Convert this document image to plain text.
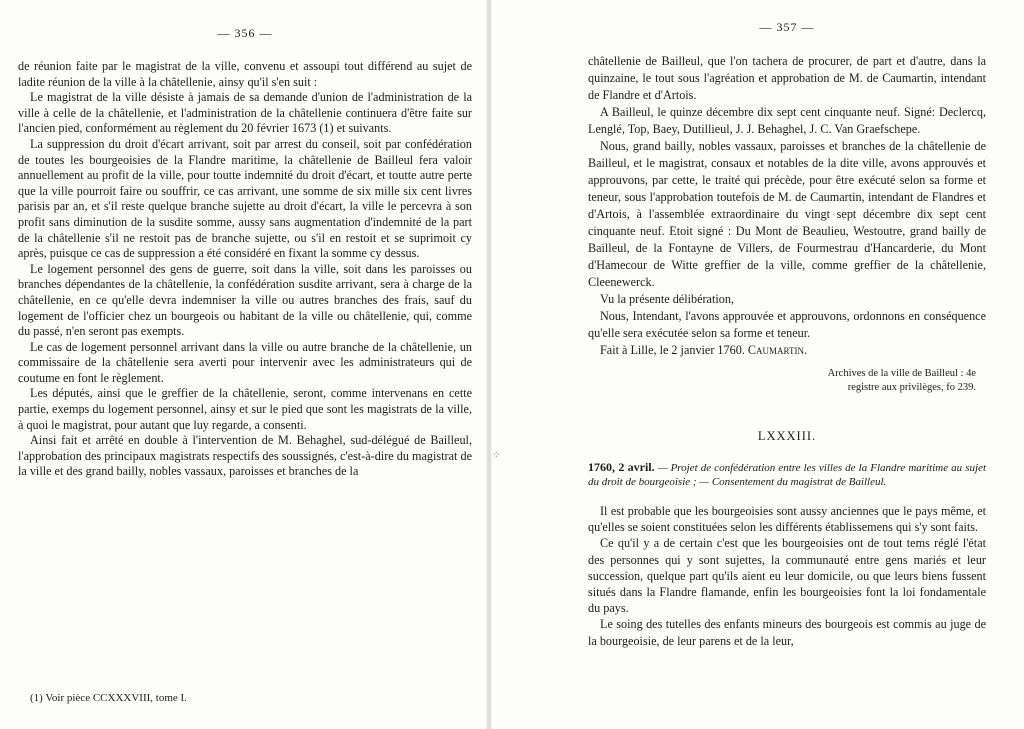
— 356 —

de réunion faite par le magistrat de la ville, convenu et assoupi tout différend au sujet de ladite réunion de la ville à la châtellenie, ainsy qu'il s'en suit :

Le magistrat de la ville désiste à jamais de sa demande d'union de l'administration de la ville à celle de la châtellenie, et l'administration de la châtellenie continuera d'être faite sur l'ancien pied, conformément au règlement du 20 février 1673 (1) et suivants.

La suppression du droit d'écart arrivant, soit par arrest du conseil, soit par confédération de toutes les bourgeoisies de la Flandre maritime, la châtellenie de Bailleul fera valoir annuellement au profit de la ville, pour toutte indemnité du droit d'écart, et toutte autre perte que la ville pourroit faire ou souffrir, ce cas arrivant, une somme de six mille six cent livres parisis par an, et s'il reste quelque branche sujette au droit d'écart, la ville le percevra à son profit sans diminution de la susdite somme, aussy sans augmentation d'indemnité de la part de la châtellenie s'il ne restoit pas de branche sujette, ou s'il en restoit et se suprimoit cy après, puisque ce cas de suppression a été considéré en fixant la somme cy dessus.

Le logement personnel des gens de guerre, soit dans la ville, soit dans les paroisses ou branches dépendantes de la châtellenie, la confédération susdite arrivant, sera à charge de la châtellenie, en ce qu'elle devra indemniser la ville ou autres branches des frais, sauf du logement de l'officier chez un bourgeois ou habitant de la ville ou châtellenie, qui, comme du passé, n'en seront pas exempts.

Le cas de logement personnel arrivant dans la ville ou autre branche de la châtellenie, un commissaire de la châtellenie sera averti pour intervenir avec les administrateurs qui de coutume en font le règlement.

Les députés, ainsi que le greffier de la châtellenie, seront, comme intervenans en cette partie, exemps du logement personnel, ainsy et sur le pied que sont les magistrats de la ville, à quoi le magistrat, pour autant que luy regarde, a consenti.

Ainsi fait et arrêté en double à l'intervention de M. Behaghel, sud-délégué de Bailleul, l'approbation des principaux magistrats respectifs des soussignés, c'est-à-dire du magistrat de la ville et des grand bailly, nobles vassaux, paroisses et branches de la

(1) Voir pièce CCXXXVIII, tome I.
⁘
— 357 —

châtellenie de Bailleul, que l'on tachera de procurer, de part et d'autre, dans la quinzaine, le tout sous l'agréation et approbation de M. de Caumartin, intendant de Flandre et d'Artois.

A Bailleul, le quinze décembre dix sept cent cinquante neuf. Signé: Declercq, Lenglé, Top, Baey, Dutillieul, J. J. Behaghel, J. C. Van Graefschepe.

Nous, grand bailly, nobles vassaux, paroisses et branches de la châtellenie de Bailleul, et le magistrat, consaux et notables de la dite ville, avons approuvés et approuvons, par cette, le traité qui précède, pour être exécuté selon sa forme et teneur, sous l'approbation toutefois de M. de Caumartin, intendant de Flandres et d'Artois, à l'assemblée extraordinaire du vingt sept décembre dix sept cent cinquante neuf. Etoit signé : Du Mont de Beaulieu, Westoutre, grand bailly de Bailleul, de la Fontayne de Villers, de Fourmestrau d'Hancarderie, du Mont d'Hamecour de Witte greffier de la ville, comme greffier de la châtellenie, Cleenewerck.

Vu la présente délibération,

Nous, Intendant, l'avons approuvée et approuvons, ordonnons en conséquence qu'elle sera exécutée selon sa forme et teneur.

Fait à Lille, le 2 janvier 1760. Caumartin.

Archives de la ville de Bailleul : 4e
registre aux privilèges, fo 239.
LXXXIII.
1760, 2 avril. — Projet de confédération entre les villes de la Flandre maritime au sujet du droit de bourgeoisie ; — Consentement du magistrat de Bailleul.

Il est probable que les bourgeoisies sont aussy anciennes que le pays même, et qu'elles se soient constituées selon les différents établissemens qui s'y sont faits.

Ce qu'il y a de certain c'est que les bourgeoisies ont de tout tems réglé l'état des personnes qui y sont sujettes, la communauté entre gens mariés et leur succession, quelque part qu'ils aient eu leur domicile, ou que leurs biens fussent situés dans la Flandre flamande, enfin les bourgeoisies font la loi fondamentale du pays.

Le soing des tutelles des enfants mineurs des bourgeois est commis au juge de la bourgeoisie, de leur parens et de la leur,
